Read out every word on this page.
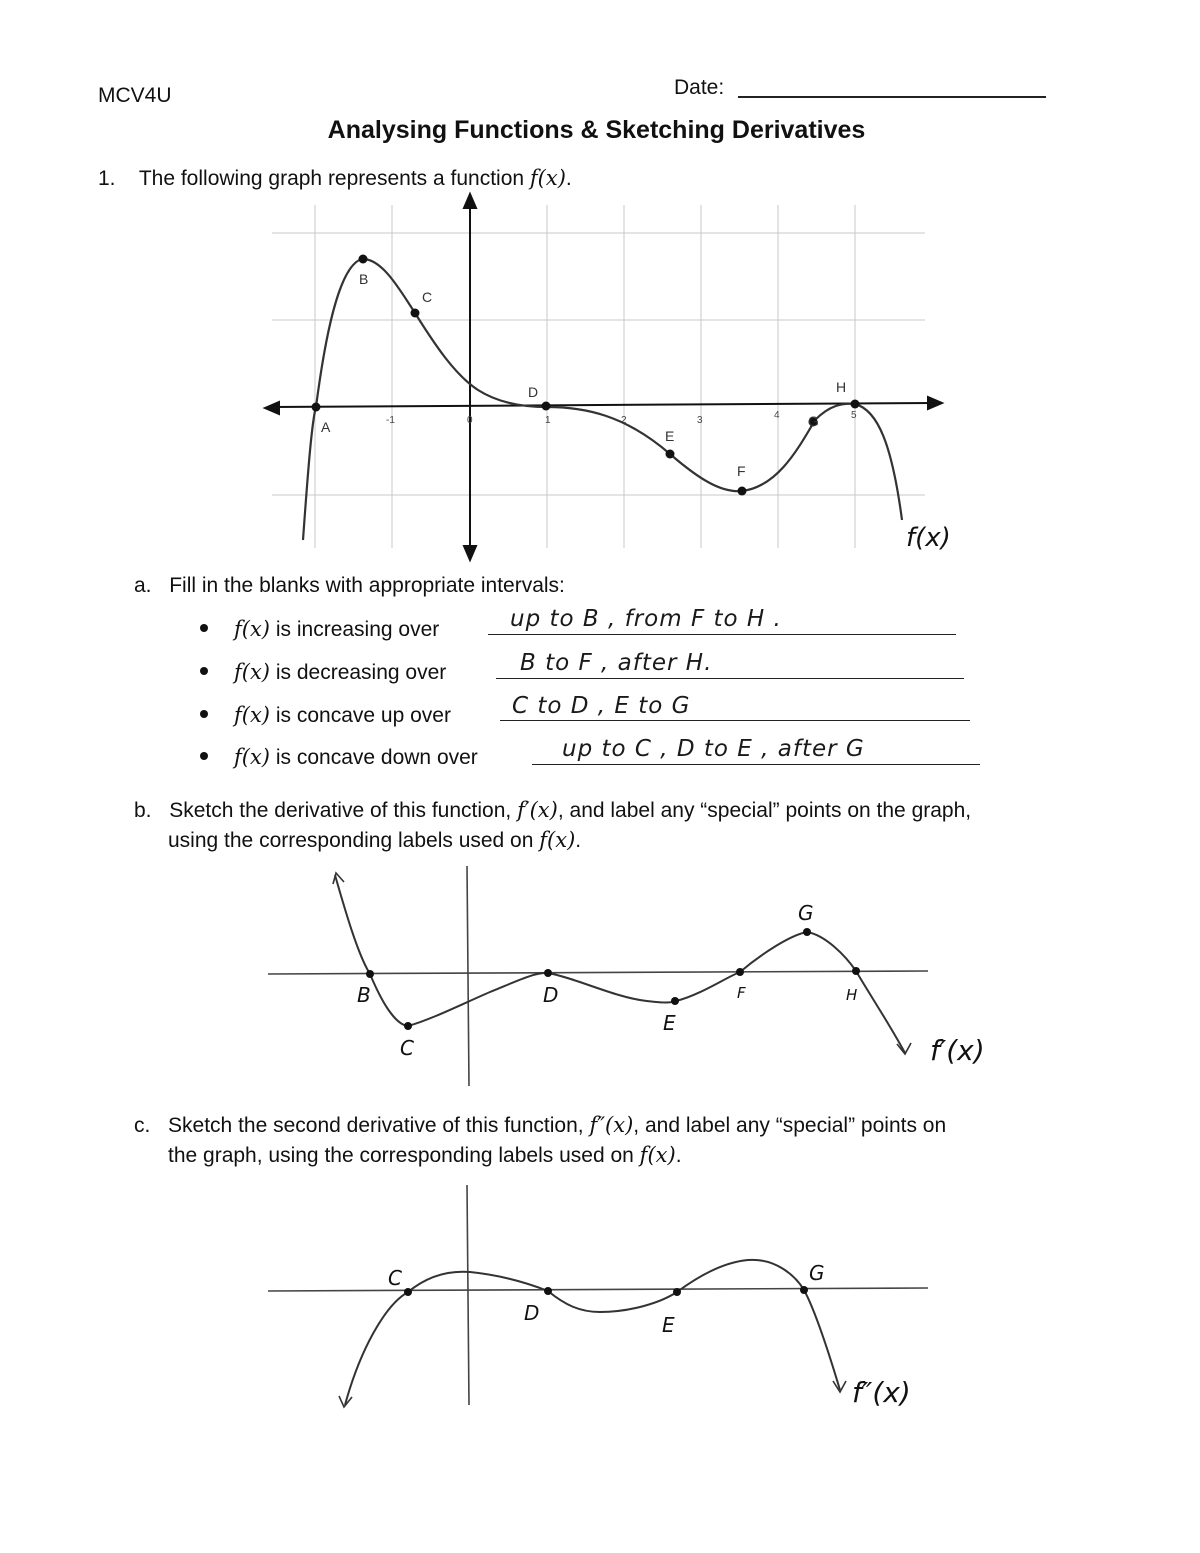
MCV4U	Date:
Analysing Functions & Sketching Derivatives
1. The following graph represents a function f(x).
-1	0	1	2	3	4	5
A
B
C
D
E
F
G
H
f(x)
a. Fill in the blanks with appropriate intervals:
f(x) is increasing over	up to B , from F to H .
f(x) is decreasing over	B to F , after H.
f(x) is concave up over	C to D , E to G
f(x) is concave down over	up to C , D to E , after G
b. Sketch the derivative of this function, f′(x), and label any “special” points on the graph,
using the corresponding labels used on f(x).
B
C
D
E
F
G
H
f′(x)
c. Sketch the second derivative of this function, f″(x), and label any “special” points on
the graph, using the corresponding labels used on f(x).
C
D	E
G
f″(x)
